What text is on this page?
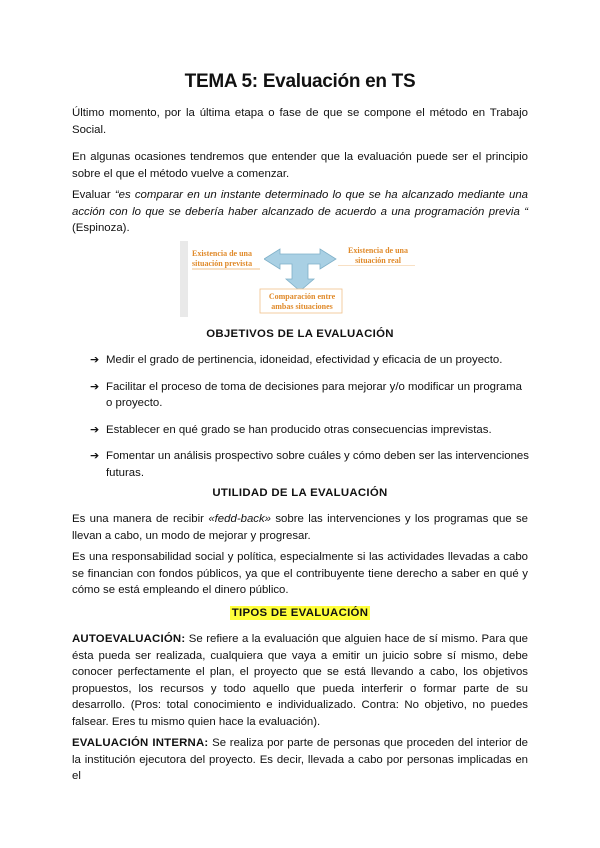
TEMA 5: Evaluación en TS

Último momento, por la última etapa o fase de que se compone el método en Trabajo Social.

En algunas ocasiones tendremos que entender que la evaluación puede ser el principio sobre el que el método vuelve a comenzar.

Evaluar “es comparar en un instante determinado lo que se ha alcanzado mediante una acción con lo que se debería haber alcanzado de acuerdo a una programación previa “ (Espinoza).

Existencia de una situación prevista
Existencia de una situación real
Comparación entre ambas situaciones
OBJETIVOS DE LA EVALUACIÓN
➔ Medir el grado de pertinencia, idoneidad, efectividad y eficacia de un proyecto.
➔ Facilitar el proceso de toma de decisiones para mejorar y/o modificar un programa o proyecto.
➔ Establecer en qué grado se han producido otras consecuencias imprevistas.
➔ Fomentar un análisis prospectivo sobre cuáles y cómo deben ser las intervenciones futuras.
UTILIDAD DE LA EVALUACIÓN

Es una manera de recibir «fedd-back» sobre las intervenciones y los programas que se llevan a cabo, un modo de mejorar y progresar.

Es una responsabilidad social y política, especialmente si las actividades llevadas a cabo se financian con fondos públicos, ya que el contribuyente tiene derecho a saber en qué y cómo se está empleando el dinero público.

TIPOS DE EVALUACIÓN

AUTOEVALUACIÓN: Se refiere a la evaluación que alguien hace de sí mismo. Para que ésta pueda ser realizada, cualquiera que vaya a emitir un juicio sobre sí mismo, debe conocer perfectamente el plan, el proyecto que se está llevando a cabo, los objetivos propuestos, los recursos y todo aquello que pueda interferir o formar parte de su desarrollo. (Pros: total conocimiento e individualizado. Contra: No objetivo, no puedes falsear. Eres tu mismo quien hace la evaluación).

EVALUACIÓN INTERNA: Se realiza por parte de personas que proceden del interior de la institución ejecutora del proyecto. Es decir, llevada a cabo por personas implicadas en el
